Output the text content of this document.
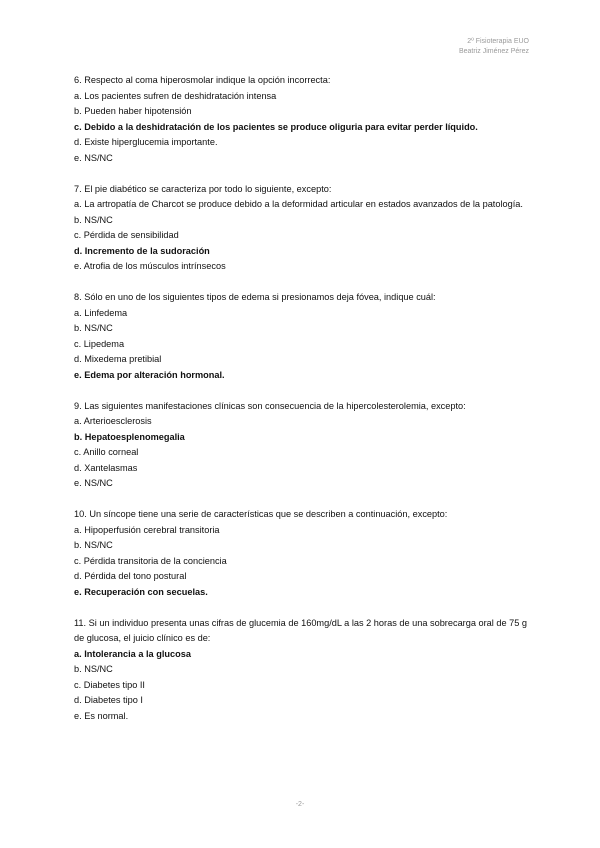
2º Fisioterapia EUO
Beatriz Jiménez Pérez

6. Respecto al coma hiperosmolar indique la opción incorrecta:

a. Los pacientes sufren de deshidratación intensa

b. Pueden haber hipotensión

c. Debido a la deshidratación de los pacientes se produce oliguria para evitar perder líquido.

d. Existe hiperglucemia importante.

e. NS/NC

7. El pie diabético se caracteriza por todo lo siguiente, excepto:

a. La artropatía de Charcot se produce debido a la deformidad articular en estados avanzados de la patología.

b. NS/NC

c. Pérdida de sensibilidad

d. Incremento de la sudoración

e. Atrofia de los músculos intrínsecos

8. Sólo en uno de los siguientes tipos de edema si presionamos deja fóvea, indique cuál:

a. Linfedema

b. NS/NC

c. Lipedema

d. Mixedema pretibial

e. Edema por alteración hormonal.

9. Las siguientes manifestaciones clínicas son consecuencia de la hipercolesterolemia, excepto:

a. Arterioesclerosis

b. Hepatoesplenomegalia

c. Anillo corneal

d. Xantelasmas

e. NS/NC

10. Un síncope tiene una serie de características que se describen a continuación, excepto:

a. Hipoperfusión cerebral transitoria

b. NS/NC

c. Pérdida transitoria de la conciencia

d. Pérdida del tono postural

e. Recuperación con secuelas.

11. Si un individuo presenta unas cifras de glucemia de 160mg/dL a las 2 horas de una sobrecarga oral de 75 g de glucosa, el juicio clínico es de:

a. Intolerancia a la glucosa

b. NS/NC

c. Diabetes tipo II

d. Diabetes tipo I

e. Es normal.

-2-
